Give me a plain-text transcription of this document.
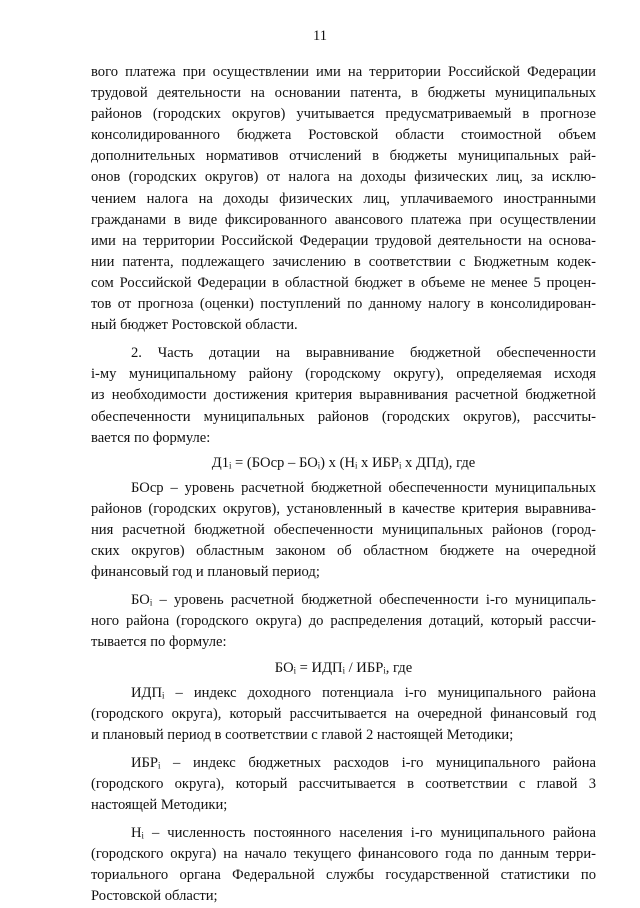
11
вого платежа при осуществлении ими на территории Российской Федерации
трудовой деятельности на основании патента, в бюджеты муниципальных
районов (городских округов) учитывается предусматриваемый в прогнозе
консолидированного бюджета Ростовской области стоимостной объем
дополнительных нормативов отчислений в бюджеты муниципальных рай-
онов (городских округов) от налога на доходы физических лиц, за исклю-
чением налога на доходы физических лиц, уплачиваемого иностранными
гражданами в виде фиксированного авансового платежа при осуществлении
ими на территории Российской Федерации трудовой деятельности на основа-
нии патента, подлежащего зачислению в соответствии с Бюджетным кодек-
сом Российской Федерации в областной бюджет в объеме не менее 5 процен-
тов от прогноза (оценки) поступлений по данному налогу в консолидирован-
ный бюджет Ростовской области.
2. Часть дотации на выравнивание бюджетной обеспеченности
i-му муниципальному району (городскому округу), определяемая исходя
из необходимости достижения критерия выравнивания расчетной бюджетной
обеспеченности муниципальных районов (городских округов), рассчиты-
вается по формуле:
Д1ᵢ = (БОср – БОᵢ) х (Нᵢ х ИБРᵢ х ДПд), где
БОср – уровень расчетной бюджетной обеспеченности муниципальных
районов (городских округов), установленный в качестве критерия выравнива-
ния расчетной бюджетной обеспеченности муниципальных районов (город-
ских округов) областным законом об областном бюджете на очередной
финансовый год и плановый период;
БОᵢ – уровень расчетной бюджетной обеспеченности i-го муниципаль-
ного района (городского округа) до распределения дотаций, который рассчи-
тывается по формуле:
БОᵢ = ИДПᵢ / ИБРᵢ, где
ИДПᵢ – индекс доходного потенциала i-го муниципального района
(городского округа), который рассчитывается на очередной финансовый год
и плановый период в соответствии с главой 2 настоящей Методики;
ИБРᵢ – индекс бюджетных расходов i-го муниципального района
(городского округа), который рассчитывается в соответствии с главой 3
настоящей Методики;
Нᵢ – численность постоянного населения i-го муниципального района
(городского округа) на начало текущего финансового года по данным терри-
ториального органа Федеральной службы государственной статистики по
Ростовской области;
